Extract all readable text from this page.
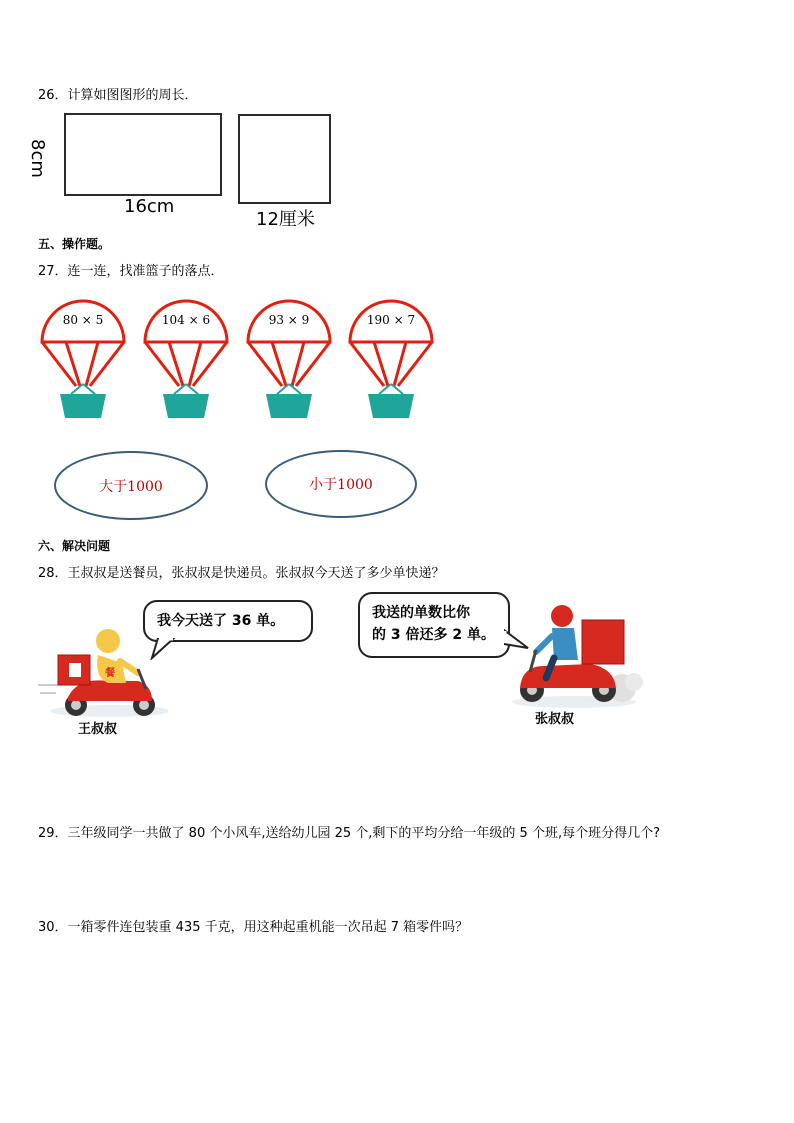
26．计算如图图形的周长．
8cm
16cm
12厘米
五、操作题。
27．连一连，找准篮子的落点．
80 × 5	104 × 6	93 × 9	190 × 7
大于1000	小于1000
六、解决问题
28．王叔叔是送餐员，张叔叔是快递员。张叔叔今天送了多少单快递？
餐
王叔叔
我今天送了 36 单。	我送的单数比你
的 3 倍还多 2 单。
张叔叔
29．三年级同学一共做了 80 个小风车,送给幼儿园 25 个,剩下的平均分给一年级的 5 个班,每个班分得几个?
30．一箱零件连包装重 435 千克，用这种起重机能一次吊起 7 箱零件吗？
